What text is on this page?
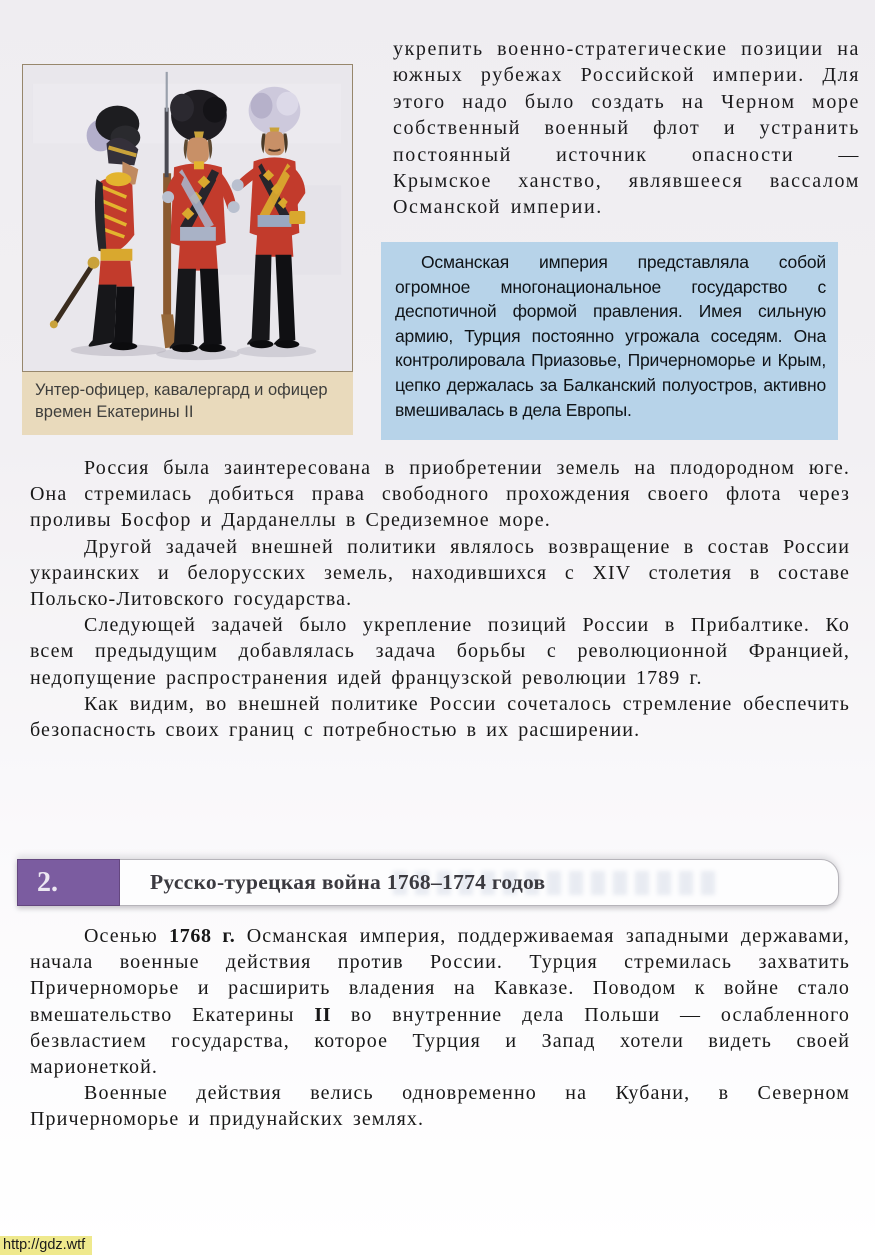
Унтер-офицер, кавалергард и офицер времен Екатерины II
укрепить военно-стратегические позиции на южных рубежах Российской империи. Для этого надо было создать на Черном море собственный военный флот и устранить постоянный источник опасности — Крымское ханство, являвшееся вассалом Османской империи.

Османская империя представляла собой огромное многонациональное государство с деспотичной формой правления. Имея сильную армию, Турция постоянно угрожала соседям. Она контролировала Приазовье, Причерноморье и Крым, цепко держалась за Балканский полуостров, активно вмешивалась в дела Европы.

Россия была заинтересована в приобретении земель на плодородном юге. Она стремилась добиться права свободного прохождения своего флота через проливы Босфор и Дарданеллы в Средиземное море.

Другой задачей внешней политики являлось возвращение в состав России украинских и белорусских земель, находившихся с XIV столетия в составе Польско-Литовского государства.

Следующей задачей было укрепление позиций России в Прибалтике. Ко всем предыдущим добавлялась задача борьбы с революционной Францией, недопущение распространения идей французской революции 1789 г.

Как видим, во внешней политике России сочеталось стремление обеспечить безопасность своих границ с потребностью в их расширении.

2.	Русско-турецкая война 1768–1774 годов

Осенью 1768 г. Османская империя, поддерживаемая западными державами, начала военные действия против России. Турция стремилась захватить Причерноморье и расширить владения на Кавказе. Поводом к войне стало вмешательство Екатерины II во внутренние дела Польши — ослабленного безвластием государства, которое Турция и Запад хотели видеть своей марионеткой.

Военные действия велись одновременно на Кубани, в Северном Причерноморье и придунайских землях.

http://gdz.wtf
